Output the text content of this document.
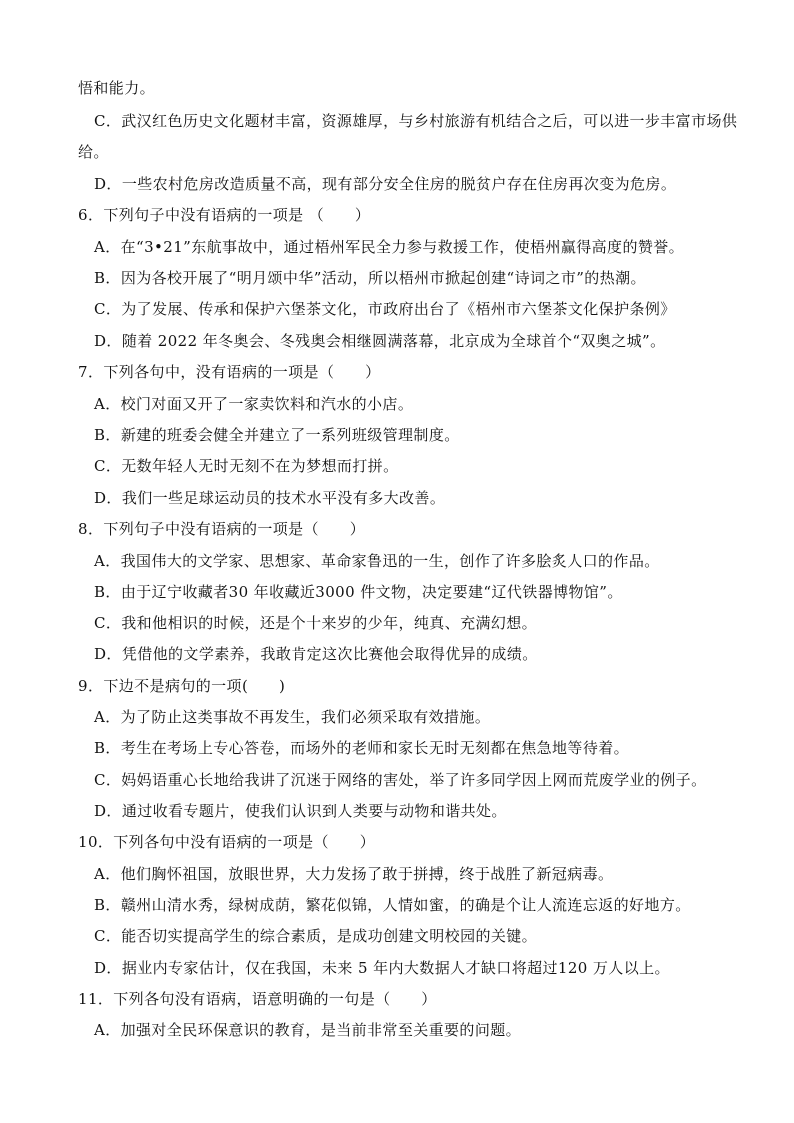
悟和能力。
C．武汉红色历史文化题材丰富，资源雄厚，与乡村旅游有机结合之后，可以进一步丰富市场供
给。
D．一些农村危房改造质量不高，现有部分安全住房的脱贫户存在住房再次变为危房。
6．下列句子中没有语病的一项是 （　　）
A．在“3•21”东航事故中，通过梧州军民全力参与救援工作，使梧州赢得高度的赞誉。
B．因为各校开展了“明月颂中华”活动，所以梧州市掀起创建“诗词之市”的热潮。
C．为了发展、传承和保护六堡茶文化，市政府出台了《梧州市六堡茶文化保护条例》
D．随着 2022 年冬奥会、冬残奥会相继圆满落幕，北京成为全球首个“双奥之城”。
7．下列各句中，没有语病的一项是（　　）
A．校门对面又开了一家卖饮料和汽水的小店。
B．新建的班委会健全并建立了一系列班级管理制度。
C．无数年轻人无时无刻不在为梦想而打拼。
D．我们一些足球运动员的技术水平没有多大改善。
8．下列句子中没有语病的一项是（　　）
A．我国伟大的文学家、思想家、革命家鲁迅的一生，创作了许多脍炙人口的作品。
B．由于辽宁收藏者30 年收藏近3000 件文物，决定要建“辽代铁器博物馆”。
C．我和他相识的时候，还是个十来岁的少年，纯真、充满幻想。
D．凭借他的文学素养，我敢肯定这次比赛他会取得优异的成绩。
9．下边不是病句的一项(　　)
A．为了防止这类事故不再发生，我们必须采取有效措施。
B．考生在考场上专心答卷，而场外的老师和家长无时无刻都在焦急地等待着。
C．妈妈语重心长地给我讲了沉迷于网络的害处，举了许多同学因上网而荒废学业的例子。
D．通过收看专题片，使我们认识到人类要与动物和谐共处。
10．下列各句中没有语病的一项是（　　）
A．他们胸怀祖国，放眼世界，大力发扬了敢于拼搏，终于战胜了新冠病毒。
B．赣州山清水秀，绿树成荫，繁花似锦，人情如蜜，的确是个让人流连忘返的好地方。
C．能否切实提高学生的综合素质，是成功创建文明校园的关键。
D．据业内专家估计，仅在我国，未来 5 年内大数据人才缺口将超过120 万人以上。
11．下列各句没有语病，语意明确的一句是（　　）
A．加强对全民环保意识的教育，是当前非常至关重要的问题。
